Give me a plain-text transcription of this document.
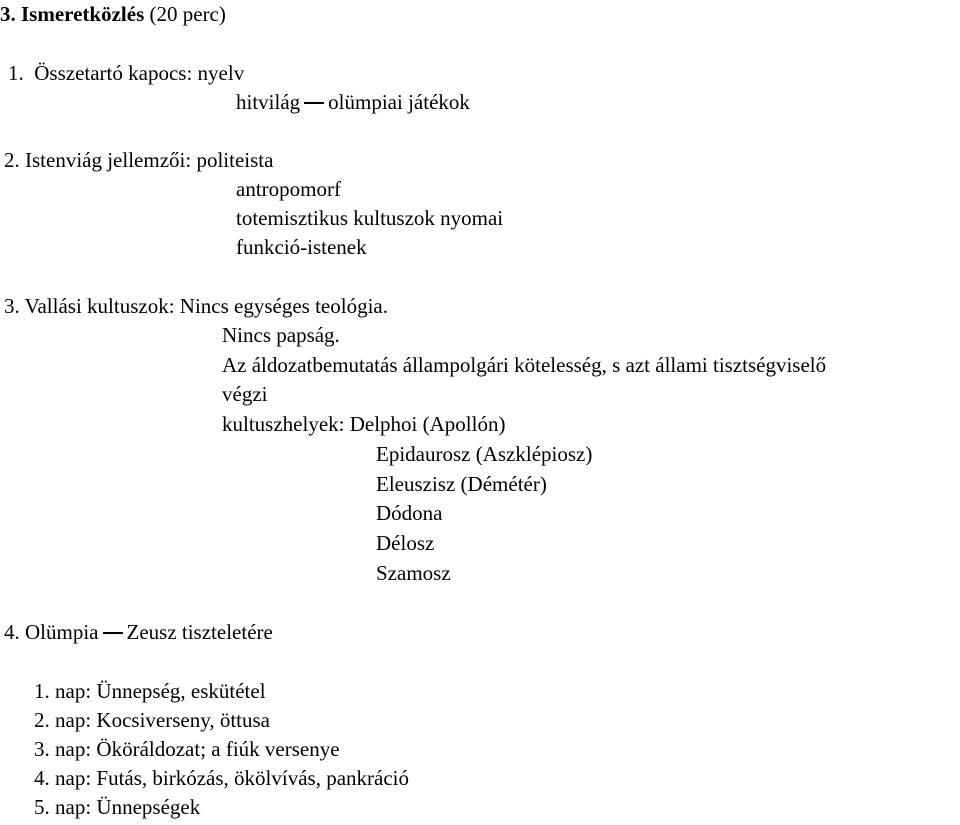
3. Ismeretközlés (20 perc)
1.  Összetartó kapocs: nyelv
hitvilág olümpiai játékok
2. Istenviág jellemzői: politeista
antropomorf
totemisztikus kultuszok nyomai
funkció-istenek
3. Vallási kultuszok: Nincs egységes teológia.
Nincs papság.
Az áldozatbemutatás állampolgári kötelesség, s azt állami tisztségviselő
végzi
kultuszhelyek: Delphoi (Apollón)
Epidaurosz (Aszklépiosz)
Eleuszisz (Démétér)
Dódona
Délosz
Szamosz
4. Olümpia Zeusz tiszteletére
1. nap: Ünnepség, eskütétel
2. nap: Kocsiverseny, öttusa
3. nap: Ököráldozat; a fiúk versenye
4. nap: Futás, birkózás, ökölvívás, pankráció
5. nap: Ünnepségek
